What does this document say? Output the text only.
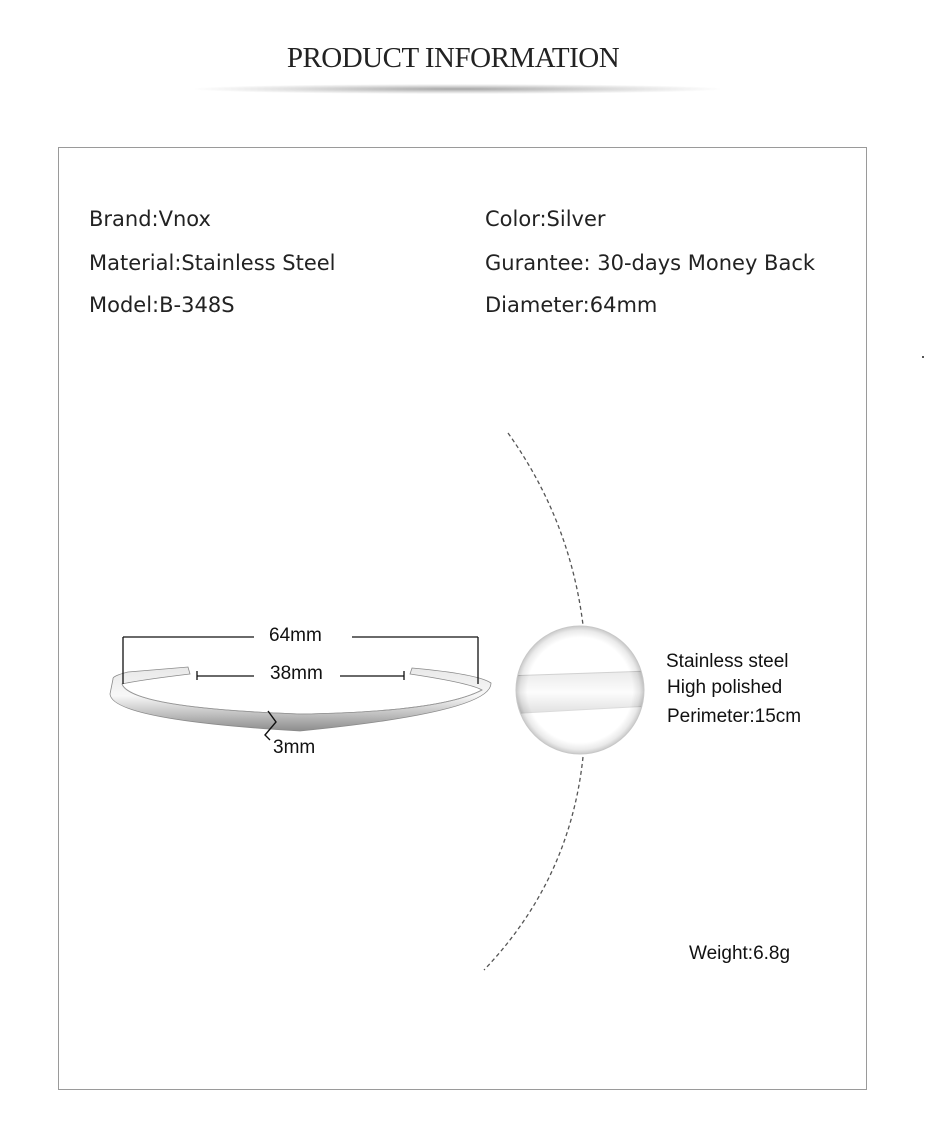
PRODUCT INFORMATION
Brand:Vnox
Material:Stainless Steel
Model:B-348S
Color:Silver
Gurantee: 30-days Money Back
Diameter:64mm
64mm
38mm
3mm
Stainless steel
High polished
Perimeter:15cm
Weight:6.8g
